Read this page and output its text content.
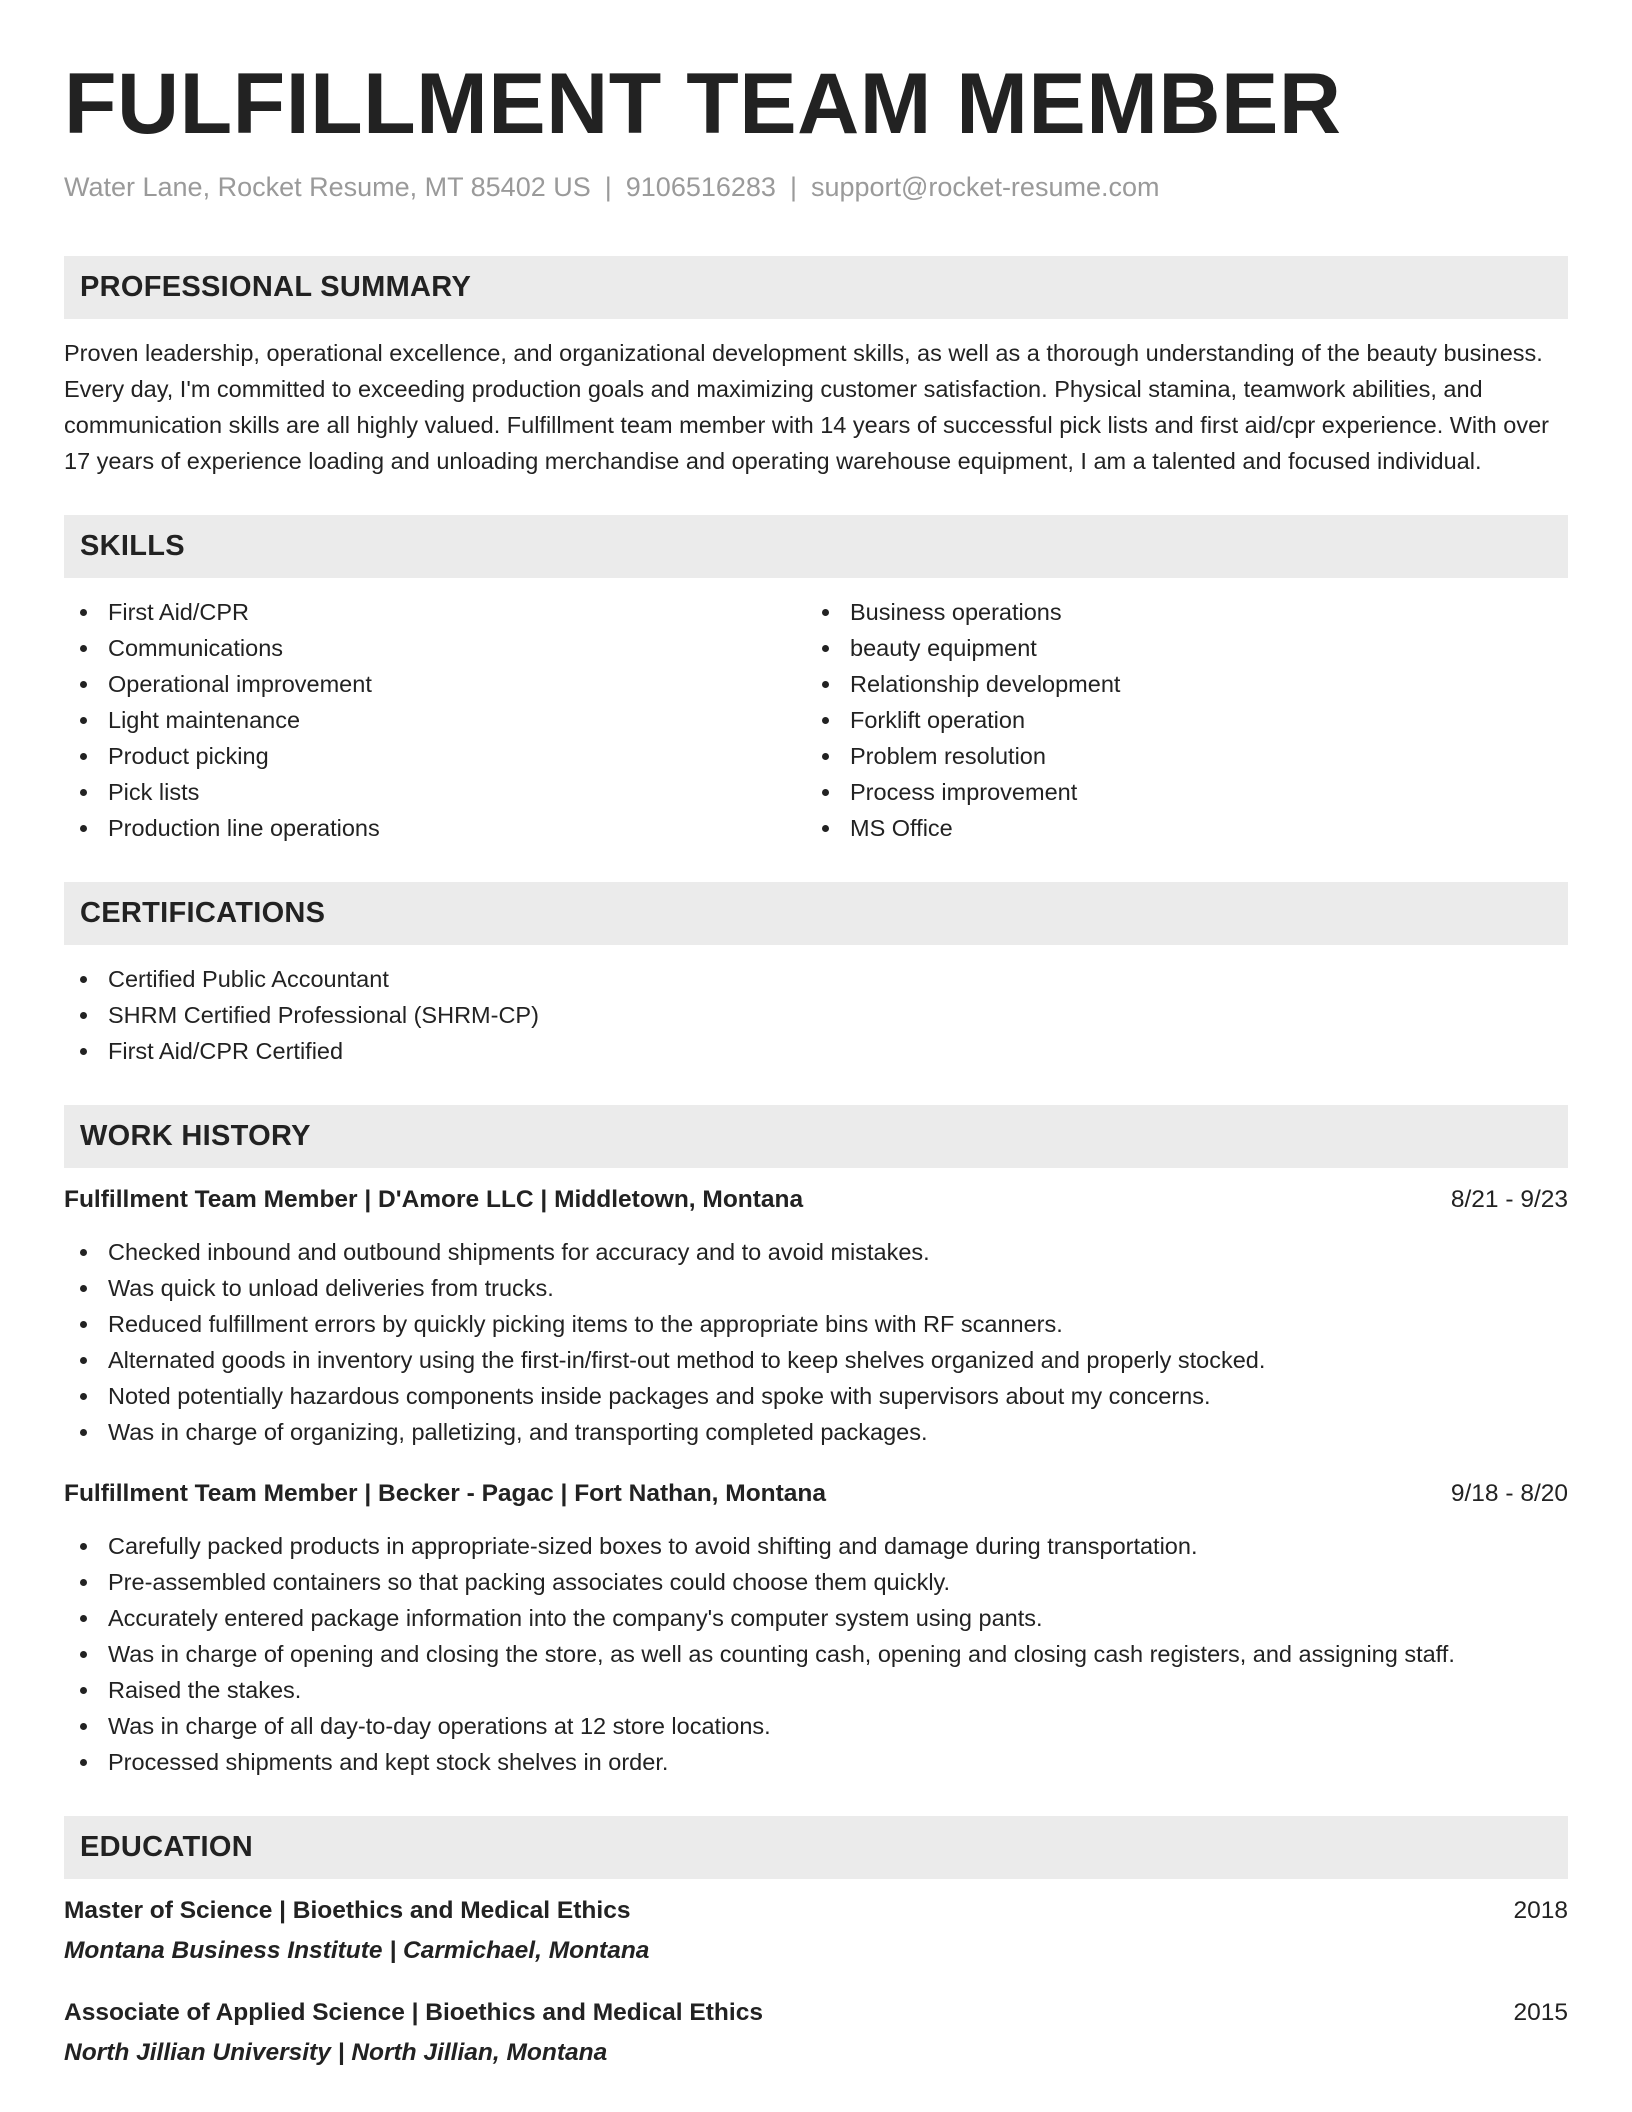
FULFILLMENT TEAM MEMBER
Water Lane, Rocket Resume, MT 85402 US | 9106516283 | support@rocket-resume.com
PROFESSIONAL SUMMARY

Proven leadership, operational excellence, and organizational development skills, as well as a thorough understanding of the beauty business. Every day, I'm committed to exceeding production goals and maximizing customer satisfaction. Physical stamina, teamwork abilities, and communication skills are all highly valued. Fulfillment team member with 14 years of successful pick lists and first aid/cpr experience. With over 17 years of experience loading and unloading merchandise and operating warehouse equipment, I am a talented and focused individual.

SKILLS
First Aid/CPR
Communications
Operational improvement
Light maintenance
Product picking
Pick lists
Production line operations
Business operations
beauty equipment
Relationship development
Forklift operation
Problem resolution
Process improvement
MS Office
CERTIFICATIONS
Certified Public Accountant
SHRM Certified Professional (SHRM-CP)
First Aid/CPR Certified
WORK HISTORY
Fulfillment Team Member | D'Amore LLC | Middletown, Montana	8/21 - 9/23
Checked inbound and outbound shipments for accuracy and to avoid mistakes.
Was quick to unload deliveries from trucks.
Reduced fulfillment errors by quickly picking items to the appropriate bins with RF scanners.
Alternated goods in inventory using the first-in/first-out method to keep shelves organized and properly stocked.
Noted potentially hazardous components inside packages and spoke with supervisors about my concerns.
Was in charge of organizing, palletizing, and transporting completed packages.
Fulfillment Team Member | Becker - Pagac | Fort Nathan, Montana	9/18 - 8/20
Carefully packed products in appropriate-sized boxes to avoid shifting and damage during transportation.
Pre-assembled containers so that packing associates could choose them quickly.
Accurately entered package information into the company's computer system using pants.
Was in charge of opening and closing the store, as well as counting cash, opening and closing cash registers, and assigning staff.
Raised the stakes.
Was in charge of all day-to-day operations at 12 store locations.
Processed shipments and kept stock shelves in order.
EDUCATION
Master of Science | Bioethics and Medical Ethics	2018
Montana Business Institute | Carmichael, Montana
Associate of Applied Science | Bioethics and Medical Ethics	2015
North Jillian University | North Jillian, Montana
